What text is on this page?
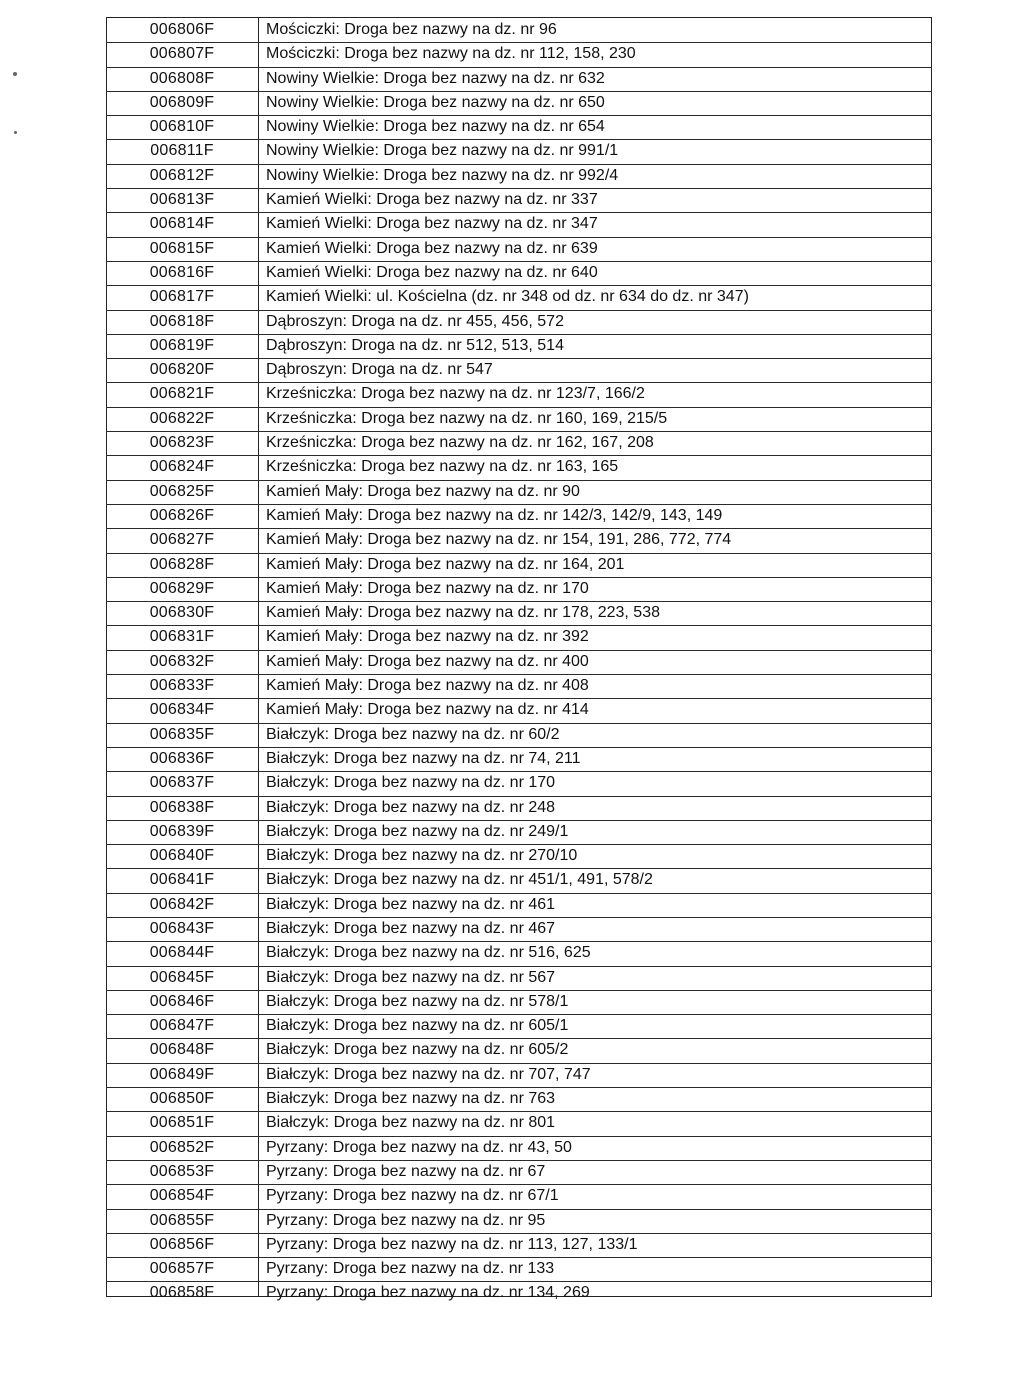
006806F	Mościczki: Droga bez nazwy na dz. nr 96
006807F	Mościczki: Droga bez nazwy na dz. nr 112, 158, 230
006808F	Nowiny Wielkie: Droga bez nazwy na dz. nr 632
006809F	Nowiny Wielkie: Droga bez nazwy na dz. nr 650
006810F	Nowiny Wielkie: Droga bez nazwy na dz. nr 654
006811F	Nowiny Wielkie: Droga bez nazwy na dz. nr 991/1
006812F	Nowiny Wielkie: Droga bez nazwy na dz. nr 992/4
006813F	Kamień Wielki: Droga bez nazwy na dz. nr 337
006814F	Kamień Wielki: Droga bez nazwy na dz. nr 347
006815F	Kamień Wielki: Droga bez nazwy na dz. nr 639
006816F	Kamień Wielki: Droga bez nazwy na dz. nr 640
006817F	Kamień Wielki: ul. Kościelna (dz. nr 348 od dz. nr 634 do dz. nr 347)
006818F	Dąbroszyn: Droga na dz. nr 455, 456, 572
006819F	Dąbroszyn: Droga na dz. nr 512, 513, 514
006820F	Dąbroszyn: Droga na dz. nr 547
006821F	Krześniczka: Droga bez nazwy na dz. nr 123/7, 166/2
006822F	Krześniczka: Droga bez nazwy na dz. nr 160, 169, 215/5
006823F	Krześniczka: Droga bez nazwy na dz. nr 162, 167, 208
006824F	Krześniczka: Droga bez nazwy na dz. nr 163, 165
006825F	Kamień Mały: Droga bez nazwy na dz. nr 90
006826F	Kamień Mały: Droga bez nazwy na dz. nr 142/3, 142/9, 143, 149
006827F	Kamień Mały: Droga bez nazwy na dz. nr 154, 191, 286, 772, 774
006828F	Kamień Mały: Droga bez nazwy na dz. nr 164, 201
006829F	Kamień Mały: Droga bez nazwy na dz. nr 170
006830F	Kamień Mały: Droga bez nazwy na dz. nr 178, 223, 538
006831F	Kamień Mały: Droga bez nazwy na dz. nr 392
006832F	Kamień Mały: Droga bez nazwy na dz. nr 400
006833F	Kamień Mały: Droga bez nazwy na dz. nr 408
006834F	Kamień Mały: Droga bez nazwy na dz. nr 414
006835F	Białczyk: Droga bez nazwy na dz. nr 60/2
006836F	Białczyk: Droga bez nazwy na dz. nr 74, 211
006837F	Białczyk: Droga bez nazwy na dz. nr 170
006838F	Białczyk: Droga bez nazwy na dz. nr 248
006839F	Białczyk: Droga bez nazwy na dz. nr 249/1
006840F	Białczyk: Droga bez nazwy na dz. nr 270/10
006841F	Białczyk: Droga bez nazwy na dz. nr 451/1, 491, 578/2
006842F	Białczyk: Droga bez nazwy na dz. nr 461
006843F	Białczyk: Droga bez nazwy na dz. nr 467
006844F	Białczyk: Droga bez nazwy na dz. nr 516, 625
006845F	Białczyk: Droga bez nazwy na dz. nr 567
006846F	Białczyk: Droga bez nazwy na dz. nr 578/1
006847F	Białczyk: Droga bez nazwy na dz. nr 605/1
006848F	Białczyk: Droga bez nazwy na dz. nr 605/2
006849F	Białczyk: Droga bez nazwy na dz. nr 707, 747
006850F	Białczyk: Droga bez nazwy na dz. nr 763
006851F	Białczyk: Droga bez nazwy na dz. nr 801
006852F	Pyrzany: Droga bez nazwy na dz. nr 43, 50
006853F	Pyrzany: Droga bez nazwy na dz. nr 67
006854F	Pyrzany: Droga bez nazwy na dz. nr 67/1
006855F	Pyrzany: Droga bez nazwy na dz. nr 95
006856F	Pyrzany: Droga bez nazwy na dz. nr 113, 127, 133/1
006857F	Pyrzany: Droga bez nazwy na dz. nr 133
006858F	Pyrzany: Droga bez nazwy na dz. nr 134, 269
